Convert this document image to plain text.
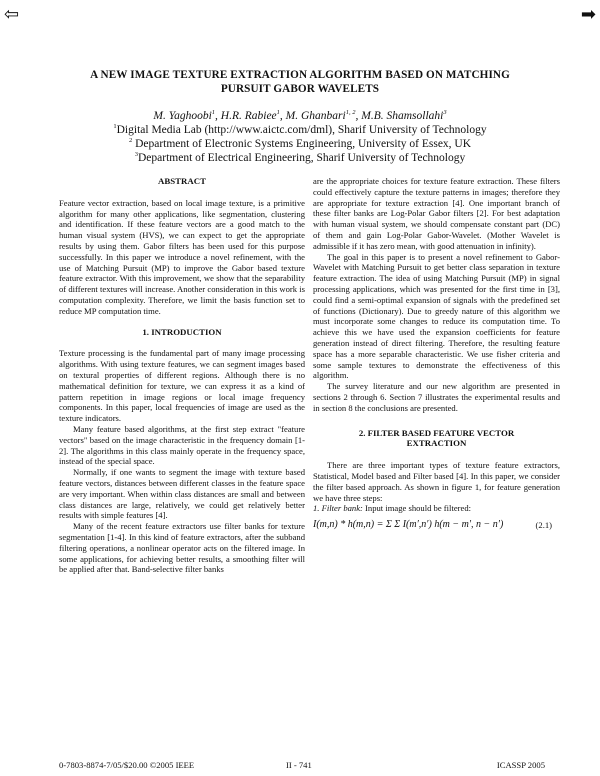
⇦	➡
A NEW IMAGE TEXTURE EXTRACTION ALGORITHM BASED ON MATCHING
PURSUIT GABOR WAVELETS
M. Yaghoobi$^1$, H.R. Rabiee$^1$, M. Ghanbari$^{1, 2}$, M.B. Shamsollahi$^3$
$^1$Digital Media Lab (http://www.aictc.com/dml), Sharif University of Technology
$^2$ Department of Electronic Systems Engineering, University of Essex, UK
$^3$Department of Electrical Engineering, Sharif University of Technology

ABSTRACT

Feature vector extraction, based on local image texture, is a primitive algorithm for many other applications, like segmentation, clustering and identification. If these feature vectors are a good match to the human visual system (HVS), we can expect to get the appropriate results by using them. Gabor filters has been used for this purpose successfully. In this paper we introduce a novel refinement, with the use of Matching Pursuit (MP) to improve the Gabor based texture feature extractor. With this improvement, we show that the separability of different textures will increase. Another consideration in this work is computation complexity. Therefore, we limit the basis function set to reduce MP computation time.

1. INTRODUCTION

Texture processing is the fundamental part of many image processing algorithms. With using texture features, we can segment images based on textural properties of different regions. Although there is no mathematical definition for texture, we can express it as a kind of pattern repetition in image regions or local image frequency components. In this paper, local frequencies of image are used as the texture indicators.

Many feature based algorithms, at the first step extract "feature vectors" based on the image characteristic in the frequency domain [1-2]. The algorithms in this class mainly operate in the frequency space, instead of the special space.

Normally, if one wants to segment the image with texture based feature vectors, distances between different classes in the feature space are very important. When within class distances are small and between class distances are large, relatively, we could get relatively better results with simple features [4].

Many of the recent feature extractors use filter banks for texture segmentation [1-4]. In this kind of feature extractors, after the subband filtering operations, a nonlinear operator acts on the filtered image. In some applications, for achieving better results, a smoothing filter will be applied after that. Band-selective filter banks

are the appropriate choices for texture feature extraction. These filters could effectively capture the texture patterns in images; therefore they are appropriate for texture extraction [4]. One important branch of these filter banks are Log-Polar Gabor filters [2]. For best adaptation with human visual system, we should compensate constant part (DC) of them and gain Log-Polar Gabor-Wavelet. (Mother Wavelet is admissible if it has zero mean, with good attenuation in infinity).

The goal in this paper is to present a novel refinement to Gabor-Wavelet with Matching Pursuit to get better class separation in texture feature extraction. The idea of using Matching Pursuit (MP) in signal processing applications, which was presented for the first time in [3], could find a semi-optimal expansion of signals with the predefined set of functions (Dictionary). Due to greedy nature of this algorithm we must incorporate some changes to reduce its computation time. To achieve this we have used the expansion coefficients for feature generation instead of direct filtering. Therefore, the resulting feature space has a more separable characteristic. We use fisher criteria and some sample textures to demonstrate the effectiveness of this algorithm.

The survey literature and our new algorithm are presented in sections 2 through 6. Section 7 illustrates the experimental results and in section 8 the conclusions are presented.

2. FILTER BASED FEATURE VECTOR
EXTRACTION

There are three important types of texture feature extractors, Statistical, Model based and Filter based [4]. In this paper, we consider the filter based approach. As shown in figure 1, for feature generation we have three steps:

1. Filter bank: Input image should be filtered:

I(m,n) * h(m,n) = Σ Σ I(m′,n′) h(m − m′, n − n′)	(2.1)
0-7803-8874-7/05/$20.00 ©2005 IEEE	II - 741	ICASSP 2005
